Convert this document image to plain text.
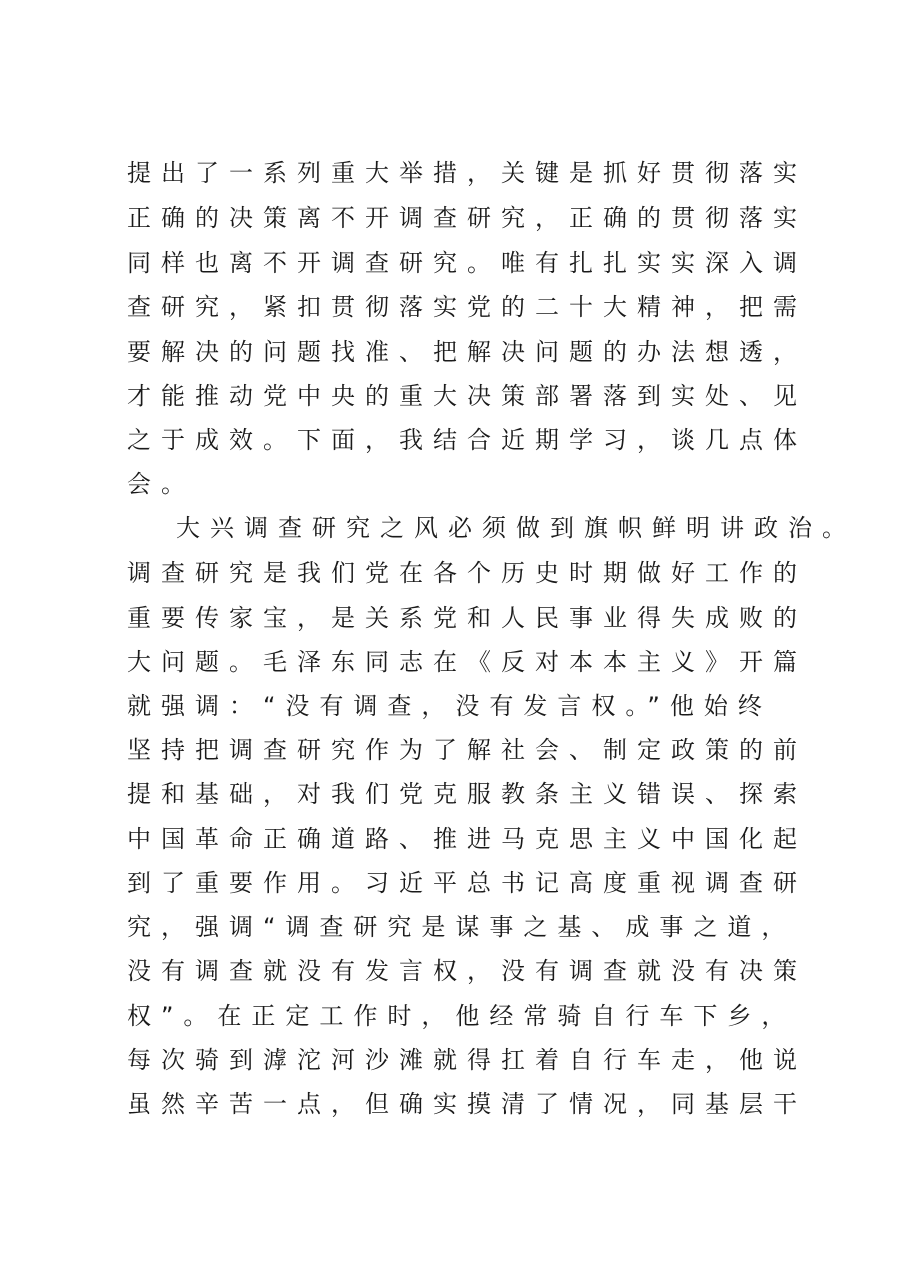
提出了一系列重大举措，关键是抓好贯彻落实
正确的决策离不开调查研究，正确的贯彻落实
同样也离不开调查研究。唯有扎扎实实深入调
查研究，紧扣贯彻落实党的二十大精神，把需
要解决的问题找准、把解决问题的办法想透，
才能推动党中央的重大决策部署落到实处、见
之于成效。下面，我结合近期学习，谈几点体
会。
大兴调查研究之风必须做到旗帜鲜明讲政治。
调查研究是我们党在各个历史时期做好工作的
重要传家宝，是关系党和人民事业得失成败的
大问题。毛泽东同志在《反对本本主义》开篇
就强调：“没有调查，没有发言权。”他始终
坚持把调查研究作为了解社会、制定政策的前
提和基础，对我们党克服教条主义错误、探索
中国革命正确道路、推进马克思主义中国化起
到了重要作用。习近平总书记高度重视调查研
究，强调“调查研究是谋事之基、成事之道，
没有调查就没有发言权，没有调查就没有决策
权”。在正定工作时，他经常骑自行车下乡，
每次骑到滹沱河沙滩就得扛着自行车走，他说
虽然辛苦一点，但确实摸清了情况，同基层干
